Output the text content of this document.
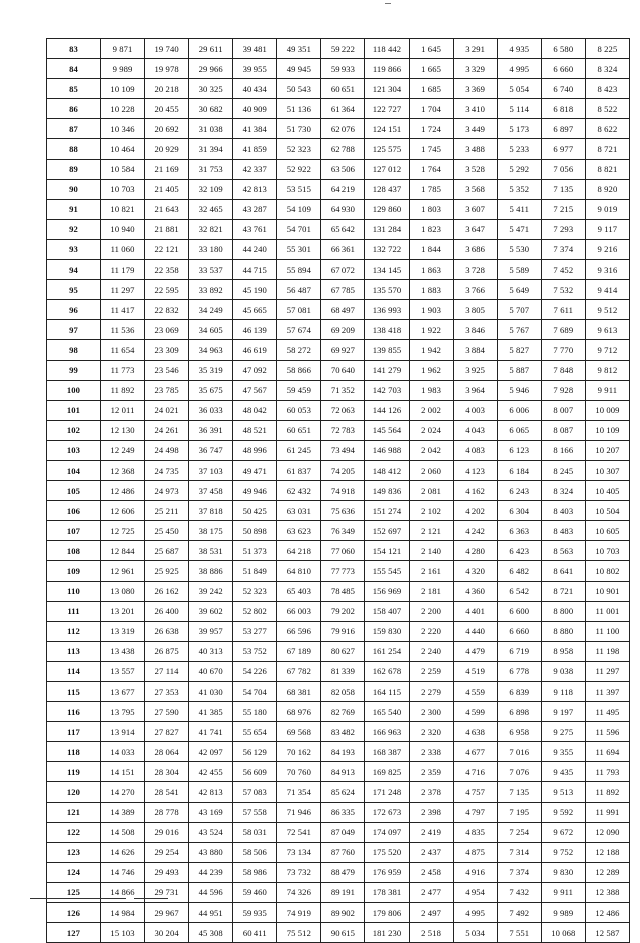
83	9 871	19 740	29 611	39 481	49 351	59 222	118 442	1 645	3 291	4 935	6 580	8 225
84	9 989	19 978	29 966	39 955	49 945	59 933	119 866	1 665	3 329	4 995	6 660	8 324
85	10 109	20 218	30 325	40 434	50 543	60 651	121 304	1 685	3 369	5 054	6 740	8 423
86	10 228	20 455	30 682	40 909	51 136	61 364	122 727	1 704	3 410	5 114	6 818	8 522
87	10 346	20 692	31 038	41 384	51 730	62 076	124 151	1 724	3 449	5 173	6 897	8 622
88	10 464	20 929	31 394	41 859	52 323	62 788	125 575	1 745	3 488	5 233	6 977	8 721
89	10 584	21 169	31 753	42 337	52 922	63 506	127 012	1 764	3 528	5 292	7 056	8 821
90	10 703	21 405	32 109	42 813	53 515	64 219	128 437	1 785	3 568	5 352	7 135	8 920
91	10 821	21 643	32 465	43 287	54 109	64 930	129 860	1 803	3 607	5 411	7 215	9 019
92	10 940	21 881	32 821	43 761	54 701	65 642	131 284	1 823	3 647	5 471	7 293	9 117
93	11 060	22 121	33 180	44 240	55 301	66 361	132 722	1 844	3 686	5 530	7 374	9 216
94	11 179	22 358	33 537	44 715	55 894	67 072	134 145	1 863	3 728	5 589	7 452	9 316
95	11 297	22 595	33 892	45 190	56 487	67 785	135 570	1 883	3 766	5 649	7 532	9 414
96	11 417	22 832	34 249	45 665	57 081	68 497	136 993	1 903	3 805	5 707	7 611	9 512
97	11 536	23 069	34 605	46 139	57 674	69 209	138 418	1 922	3 846	5 767	7 689	9 613
98	11 654	23 309	34 963	46 619	58 272	69 927	139 855	1 942	3 884	5 827	7 770	9 712
99	11 773	23 546	35 319	47 092	58 866	70 640	141 279	1 962	3 925	5 887	7 848	9 812
100	11 892	23 785	35 675	47 567	59 459	71 352	142 703	1 983	3 964	5 946	7 928	9 911
101	12 011	24 021	36 033	48 042	60 053	72 063	144 126	2 002	4 003	6 006	8 007	10 009
102	12 130	24 261	36 391	48 521	60 651	72 783	145 564	2 024	4 043	6 065	8 087	10 109
103	12 249	24 498	36 747	48 996	61 245	73 494	146 988	2 042	4 083	6 123	8 166	10 207
104	12 368	24 735	37 103	49 471	61 837	74 205	148 412	2 060	4 123	6 184	8 245	10 307
105	12 486	24 973	37 458	49 946	62 432	74 918	149 836	2 081	4 162	6 243	8 324	10 405
106	12 606	25 211	37 818	50 425	63 031	75 636	151 274	2 102	4 202	6 304	8 403	10 504
107	12 725	25 450	38 175	50 898	63 623	76 349	152 697	2 121	4 242	6 363	8 483	10 605
108	12 844	25 687	38 531	51 373	64 218	77 060	154 121	2 140	4 280	6 423	8 563	10 703
109	12 961	25 925	38 886	51 849	64 810	77 773	155 545	2 161	4 320	6 482	8 641	10 802
110	13 080	26 162	39 242	52 323	65 403	78 485	156 969	2 181	4 360	6 542	8 721	10 901
111	13 201	26 400	39 602	52 802	66 003	79 202	158 407	2 200	4 401	6 600	8 800	11 001
112	13 319	26 638	39 957	53 277	66 596	79 916	159 830	2 220	4 440	6 660	8 880	11 100
113	13 438	26 875	40 313	53 752	67 189	80 627	161 254	2 240	4 479	6 719	8 958	11 198
114	13 557	27 114	40 670	54 226	67 782	81 339	162 678	2 259	4 519	6 778	9 038	11 297
115	13 677	27 353	41 030	54 704	68 381	82 058	164 115	2 279	4 559	6 839	9 118	11 397
116	13 795	27 590	41 385	55 180	68 976	82 769	165 540	2 300	4 599	6 898	9 197	11 495
117	13 914	27 827	41 741	55 654	69 568	83 482	166 963	2 320	4 638	6 958	9 275	11 596
118	14 033	28 064	42 097	56 129	70 162	84 193	168 387	2 338	4 677	7 016	9 355	11 694
119	14 151	28 304	42 455	56 609	70 760	84 913	169 825	2 359	4 716	7 076	9 435	11 793
120	14 270	28 541	42 813	57 083	71 354	85 624	171 248	2 378	4 757	7 135	9 513	11 892
121	14 389	28 778	43 169	57 558	71 946	86 335	172 673	2 398	4 797	7 195	9 592	11 991
122	14 508	29 016	43 524	58 031	72 541	87 049	174 097	2 419	4 835	7 254	9 672	12 090
123	14 626	29 254	43 880	58 506	73 134	87 760	175 520	2 437	4 875	7 314	9 752	12 188
124	14 746	29 493	44 239	58 986	73 732	88 479	176 959	2 458	4 916	7 374	9 830	12 289
125	14 866	29 731	44 596	59 460	74 326	89 191	178 381	2 477	4 954	7 432	9 911	12 388
126	14 984	29 967	44 951	59 935	74 919	89 902	179 806	2 497	4 995	7 492	9 989	12 486
127	15 103	30 204	45 308	60 411	75 512	90 615	181 230	2 518	5 034	7 551	10 068	12 587
